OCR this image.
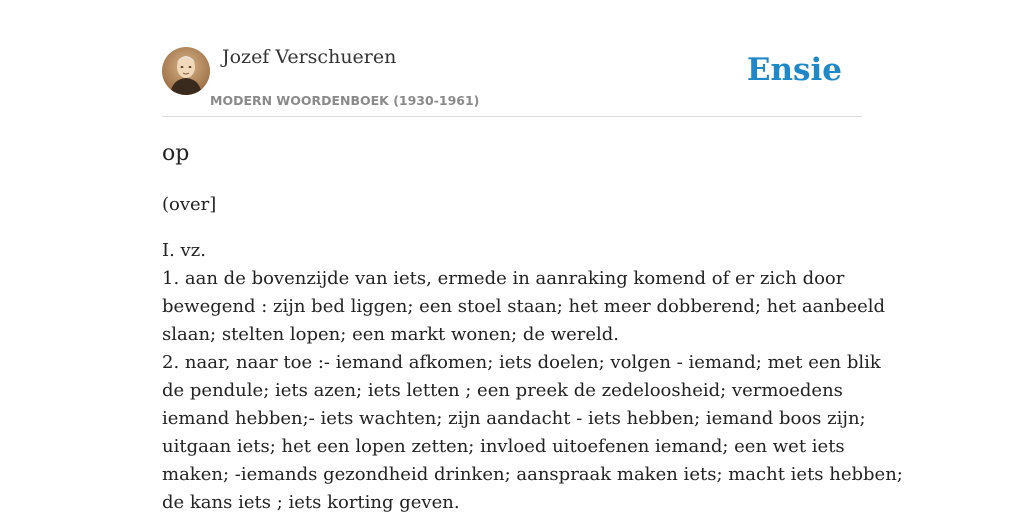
Jozef Verschueren
MODERN WOORDENBOEK (1930-1961)
Ensie
op

(over]

I. vz.
1. aan de bovenzijde van iets, ermede in aanraking komend of er zich door
bewegend : zijn bed liggen; een stoel staan; het meer dobberend; het aanbeeld
slaan; stelten lopen; een markt wonen; de wereld.
2. naar, naar toe :- iemand afkomen; iets doelen; volgen - iemand; met een blik
de pendule; iets azen; iets letten ; een preek de zedeloosheid; vermoedens
iemand hebben;- iets wachten; zijn aandacht - iets hebben; iemand boos zijn;
uitgaan iets; het een lopen zetten; invloed uitoefenen iemand; een wet iets
maken; -iemands gezondheid drinken; aanspraak maken iets; macht iets hebben;
de kans iets ; iets korting geven.
